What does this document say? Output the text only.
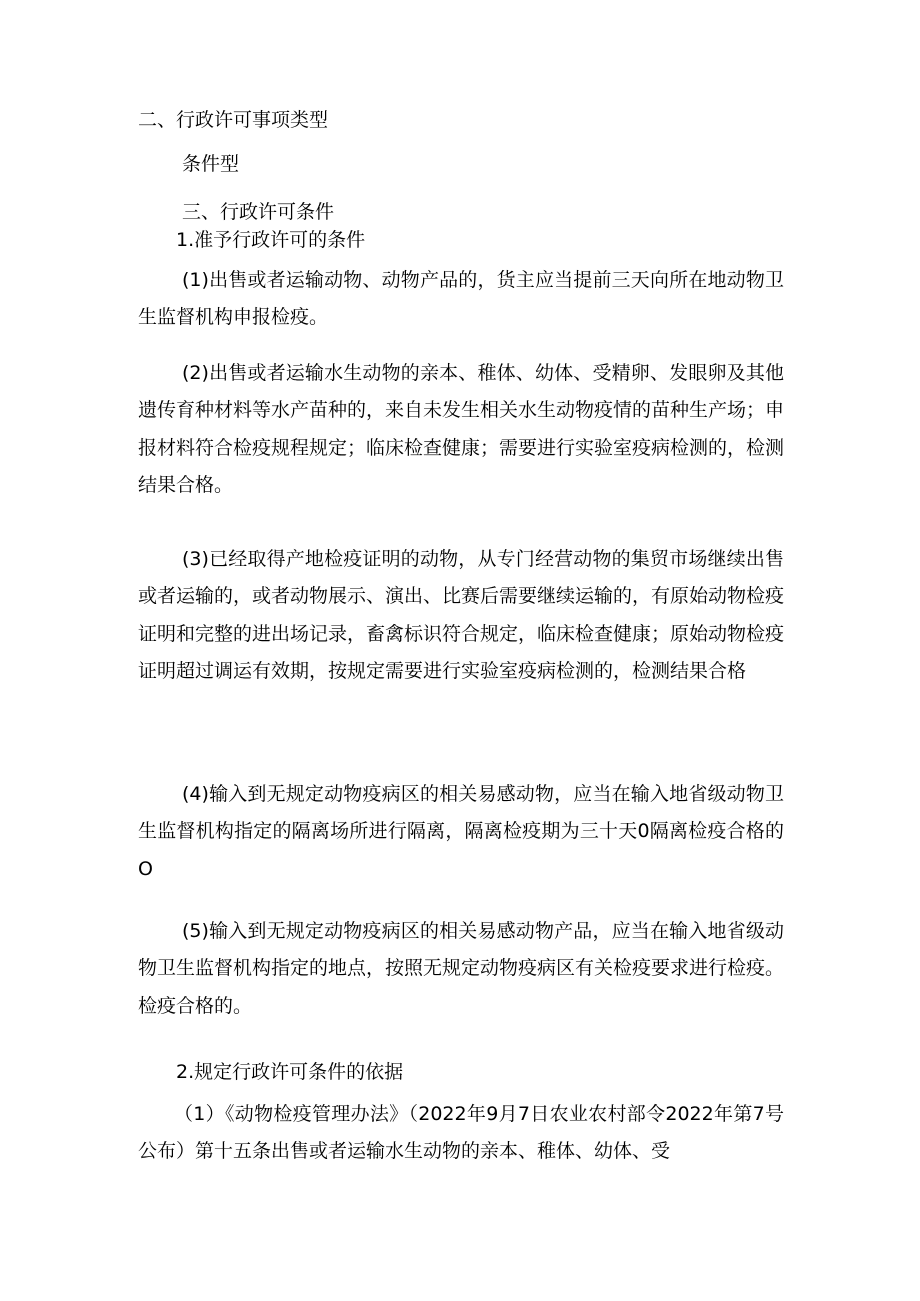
二、行政许可事项类型
条件型
三、行政许可条件
1.准予行政许可的条件
(1)出售或者运输动物、动物产品的，货主应当提前三天向所在地动物卫生监督机构申报检疫。
(2)出售或者运输水生动物的亲本、稚体、幼体、受精卵、发眼卵及其他遗传育种材料等水产苗种的，来自未发生相关水生动物疫情的苗种生产场；申报材料符合检疫规程规定；临床检查健康；需要进行实验室疫病检测的，检测结果合格。
(3)已经取得产地检疫证明的动物，从专门经营动物的集贸市场继续出售或者运输的，或者动物展示、演出、比赛后需要继续运输的，有原始动物检疫证明和完整的进出场记录，畜禽标识符合规定，临床检查健康；原始动物检疫证明超过调运有效期，按规定需要进行实验室疫病检测的，检测结果合格
(4)输入到无规定动物疫病区的相关易感动物，应当在输入地省级动物卫生监督机构指定的隔离场所进行隔离，隔离检疫期为三十天0隔离检疫合格的O
(5)输入到无规定动物疫病区的相关易感动物产品，应当在输入地省级动物卫生监督机构指定的地点，按照无规定动物疫病区有关检疫要求进行检疫。检疫合格的。
2.规定行政许可条件的依据
（1）《动物检疫管理办法》（2022年9月7日农业农村部令2022年第7号公布）第十五条出售或者运输水生动物的亲本、稚体、幼体、受
